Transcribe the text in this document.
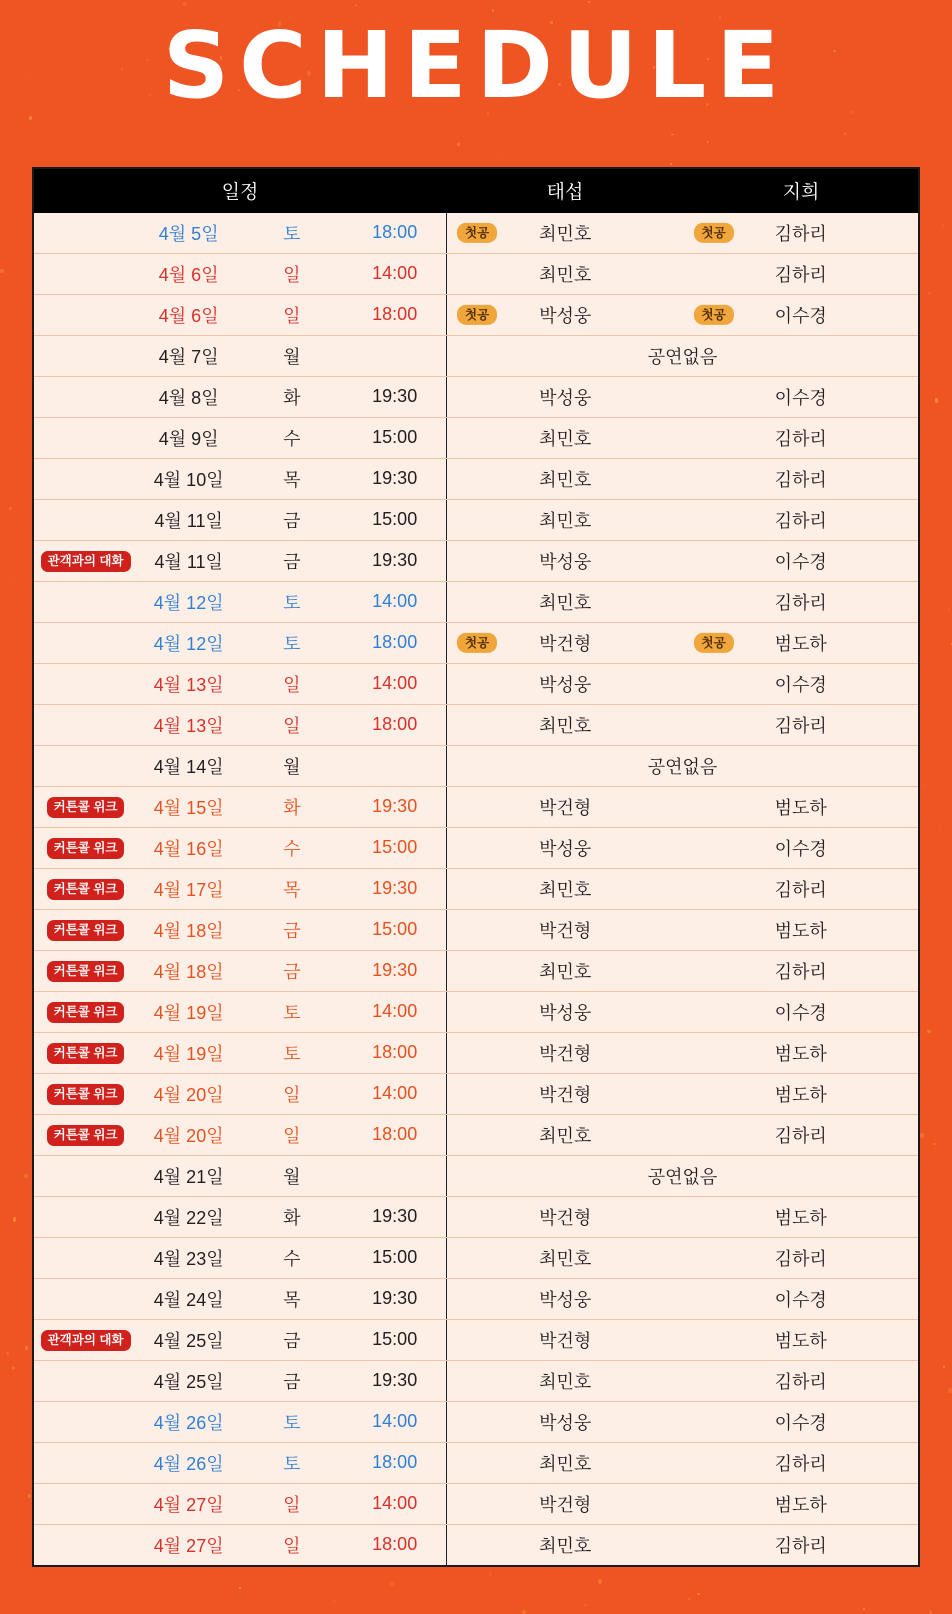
SCHEDULE
일정				태섭	지희
	4월 5일	토	18:00	첫공 최민호	첫공 김하리
	4월 6일	일	14:00	최민호	김하리
	4월 6일	일	18:00	첫공 박성웅	첫공 이수경
	4월 7일	월		공연없음	
	4월 8일	화	19:30	박성웅	이수경
	4월 9일	수	15:00	최민호	김하리
	4월 10일	목	19:30	최민호	김하리
	4월 11일	금	15:00	최민호	김하리
관객과의 대화	4월 11일	금	19:30	박성웅	이수경
	4월 12일	토	14:00	최민호	김하리
	4월 12일	토	18:00	첫공 박건형	첫공 범도하
	4월 13일	일	14:00	박성웅	이수경
	4월 13일	일	18:00	최민호	김하리
	4월 14일	월		공연없음	
커튼콜 위크	4월 15일	화	19:30	박건형	범도하
커튼콜 위크	4월 16일	수	15:00	박성웅	이수경
커튼콜 위크	4월 17일	목	19:30	최민호	김하리
커튼콜 위크	4월 18일	금	15:00	박건형	범도하
커튼콜 위크	4월 18일	금	19:30	최민호	김하리
커튼콜 위크	4월 19일	토	14:00	박성웅	이수경
커튼콜 위크	4월 19일	토	18:00	박건형	범도하
커튼콜 위크	4월 20일	일	14:00	박건형	범도하
커튼콜 위크	4월 20일	일	18:00	최민호	김하리
	4월 21일	월		공연없음	
	4월 22일	화	19:30	박건형	범도하
	4월 23일	수	15:00	최민호	김하리
	4월 24일	목	19:30	박성웅	이수경
관객과의 대화	4월 25일	금	15:00	박건형	범도하
	4월 25일	금	19:30	최민호	김하리
	4월 26일	토	14:00	박성웅	이수경
	4월 26일	토	18:00	최민호	김하리
	4월 27일	일	14:00	박건형	범도하
	4월 27일	일	18:00	최민호	김하리
